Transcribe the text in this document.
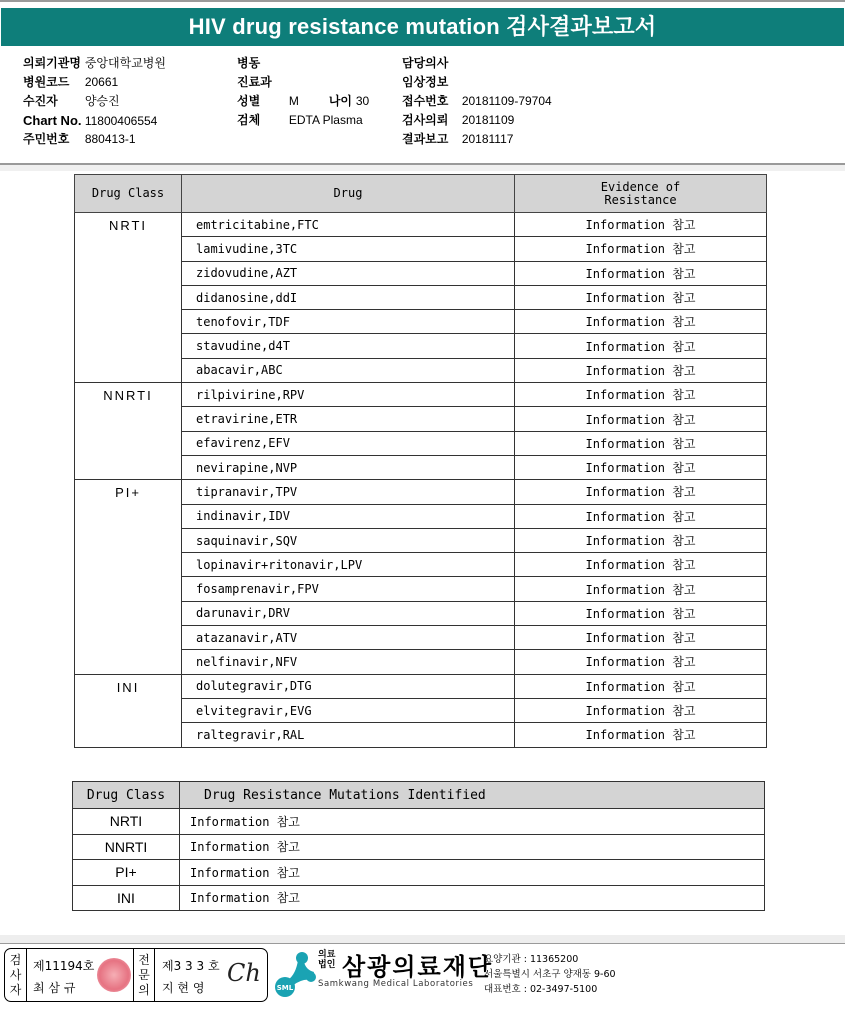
HIV drug resistance mutation 검사결과보고서
의뢰기관명 중앙대학교병원
병원코드 20661
수진자 양승진
Chart No. 11800406554
주민번호 880413-1
병동
진료과
성별 M	나이 30
검체 EDTA Plasma
담당의사
임상정보
접수번호 20181109-79704
검사의뢰 20181109
결과보고 20181117
Drug Class	Drug	Evidence of
Resistance
NRTI	emtricitabine,FTC	Information 참고
	lamivudine,3TC	Information 참고
	zidovudine,AZT	Information 참고
	didanosine,ddI	Information 참고
	tenofovir,TDF	Information 참고
	stavudine,d4T	Information 참고
	abacavir,ABC	Information 참고
NNRTI	rilpivirine,RPV	Information 참고
	etravirine,ETR	Information 참고
	efavirenz,EFV	Information 참고
	nevirapine,NVP	Information 참고
PI+	tipranavir,TPV	Information 참고
	indinavir,IDV	Information 참고
	saquinavir,SQV	Information 참고
	lopinavir+ritonavir,LPV	Information 참고
	fosamprenavir,FPV	Information 참고
	darunavir,DRV	Information 참고
	atazanavir,ATV	Information 참고
	nelfinavir,NFV	Information 참고
INI	dolutegravir,DTG	Information 참고
	elvitegravir,EVG	Information 참고
	raltegravir,RAL	Information 참고
Drug Class	Drug Resistance Mutations Identified
NRTI	Information 참고
NNRTI	Information 참고
PI+	Information 참고
INI	Information 참고
검
사
자
제11194호
최 삼 규
전
문
의
제3 3 3 호
지 현 영
Ch
SML
의료법인 삼광의료재단
Samkwang Medical Laboratories
요양기관 : 11365200
서울특별시 서초구 양재동 9-60
대표번호 : 02-3497-5100
